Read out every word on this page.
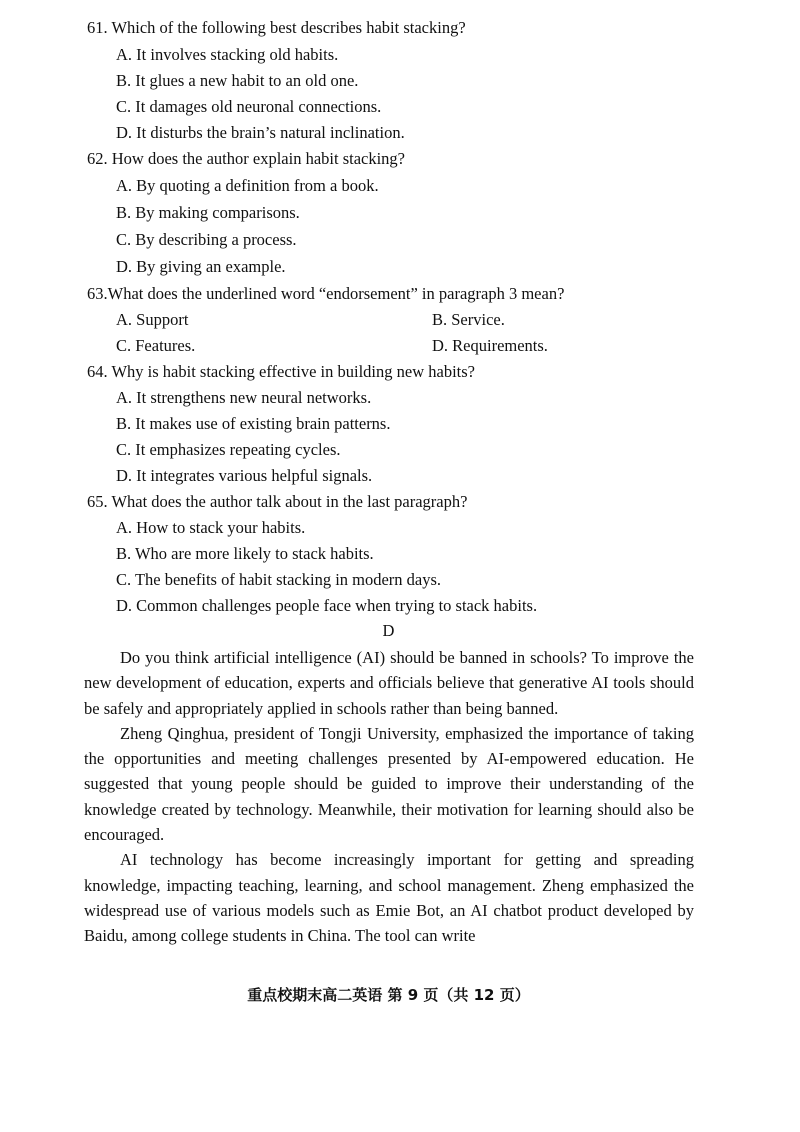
61. Which of the following best describes habit stacking?
A. It involves stacking old habits.
B. It glues a new habit to an old one.
C. It damages old neuronal connections.
D. It disturbs the brain’s natural inclination.
62. How does the author explain habit stacking?
A. By quoting a definition from a book.
B. By making comparisons.
C. By describing a process.
D. By giving an example.
63.What does the underlined word “endorsement” in paragraph 3 mean?
A. Support	B. Service.
C. Features.	D. Requirements.
64. Why is habit stacking effective in building new habits?
A. It strengthens new neural networks.
B. It makes use of existing brain patterns.
C. It emphasizes repeating cycles.
D. It integrates various helpful signals.
65. What does the author talk about in the last paragraph?
A. How to stack your habits.
B. Who are more likely to stack habits.
C. The benefits of habit stacking in modern days.
D. Common challenges people face when trying to stack habits.
D

Do you think artificial intelligence (AI) should be banned in schools? To improve the new development of education, experts and officials believe that generative AI tools should be safely and appropriately applied in schools rather than being banned.

Zheng Qinghua, president of Tongji University, emphasized the importance of taking the opportunities and meeting challenges presented by AI-empowered education. He suggested that young people should be guided to improve their understanding of the knowledge created by technology. Meanwhile, their motivation for learning should also be encouraged.

AI technology has become increasingly important for getting and spreading knowledge, impacting teaching, learning, and school management. Zheng emphasized the widespread use of various models such as Emie Bot, an AI chatbot product developed by Baidu, among college students in China. The tool can write

重点校期末高二英语 第 9 页（共 12 页）
